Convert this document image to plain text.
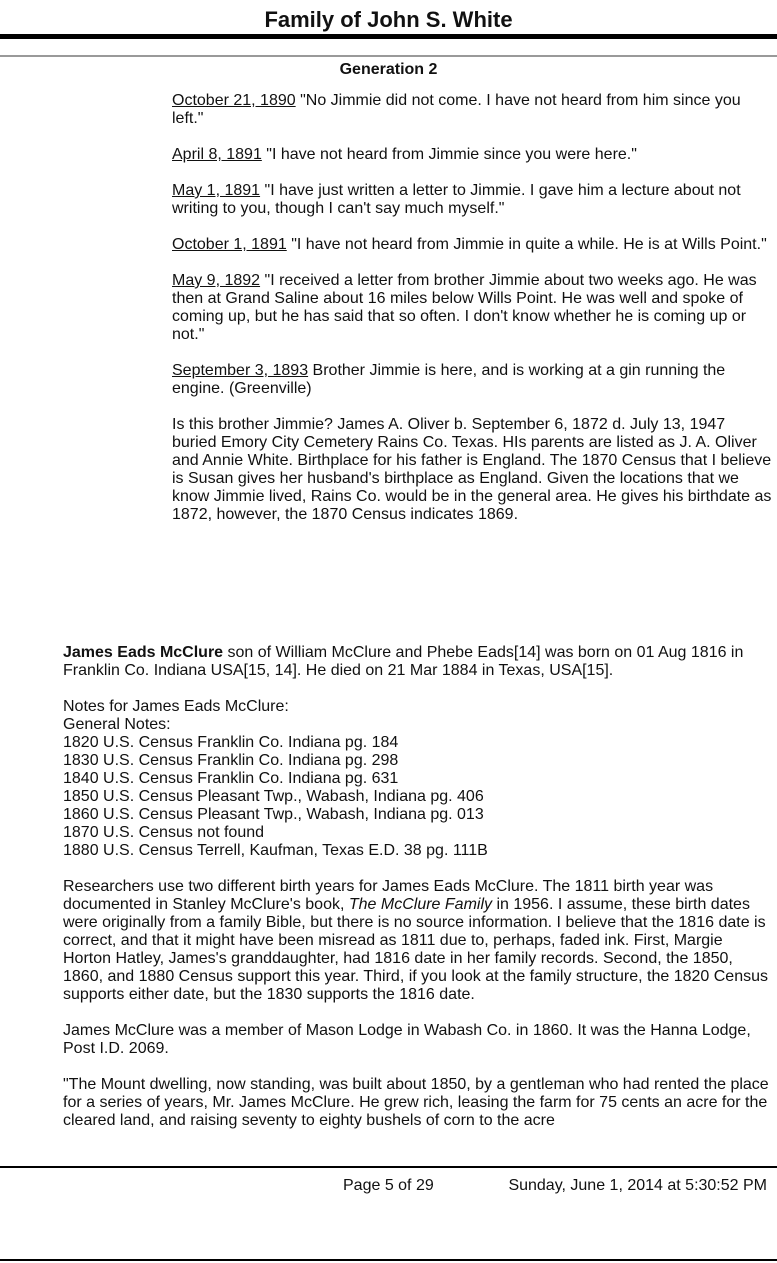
Family of John S. White
Generation 2

October 21, 1890 "No Jimmie did not come. I have not heard from him since you left."

April 8, 1891 "I have not heard from Jimmie since you were here."

May 1, 1891 "I have just written a letter to Jimmie. I gave him a lecture about not writing to you, though I can't say much myself."

October 1, 1891 "I have not heard from Jimmie in quite a while. He is at Wills Point."

May 9, 1892 "I received a letter from brother Jimmie about two weeks ago. He was then at Grand Saline about 16 miles below Wills Point. He was well and spoke of coming up, but he has said that so often. I don't know whether he is coming up or not."

September 3, 1893 Brother Jimmie is here, and is working at a gin running the engine. (Greenville)

Is this brother Jimmie? James A. Oliver b. September 6, 1872 d. July 13, 1947 buried Emory City Cemetery Rains Co. Texas. HIs parents are listed as J. A. Oliver and Annie White. Birthplace for his father is England. The 1870 Census that I believe is Susan gives her husband's birthplace as England. Given the locations that we know Jimmie lived, Rains Co. would be in the general area. He gives his birthdate as 1872, however, the 1870 Census indicates 1869.

James Eads McClure son of William McClure and Phebe Eads[14] was born on 01 Aug 1816 in Franklin Co. Indiana USA[15, 14]. He died on 21 Mar 1884 in Texas, USA[15].

Notes for James Eads McClure:
General Notes:
1820 U.S. Census Franklin Co. Indiana pg. 184
1830 U.S. Census Franklin Co. Indiana pg. 298
1840 U.S. Census Franklin Co. Indiana pg. 631
1850 U.S. Census Pleasant Twp., Wabash, Indiana pg. 406
1860 U.S. Census Pleasant Twp., Wabash, Indiana pg. 013
1870 U.S. Census not found
1880 U.S. Census Terrell, Kaufman, Texas E.D. 38 pg. 111B

Researchers use two different birth years for James Eads McClure. The 1811 birth year was documented in Stanley McClure's book, The McClure Family in 1956. I assume, these birth dates were originally from a family Bible, but there is no source information. I believe that the 1816 date is correct, and that it might have been misread as 1811 due to, perhaps, faded ink. First, Margie Horton Hatley, James's granddaughter, had 1816 date in her family records. Second, the 1850, 1860, and 1880 Census support this year. Third, if you look at the family structure, the 1820 Census supports either date, but the 1830 supports the 1816 date.

James McClure was a member of Mason Lodge in Wabash Co. in 1860. It was the Hanna Lodge, Post I.D. 2069.

"The Mount dwelling, now standing, was built about 1850, by a gentleman who had rented the place for a series of years, Mr. James McClure. He grew rich, leasing the farm for 75 cents an acre for the cleared land, and raising seventy to eighty bushels of corn to the acre

Page 5 of 29	Sunday, June 1, 2014 at 5:30:52 PM
